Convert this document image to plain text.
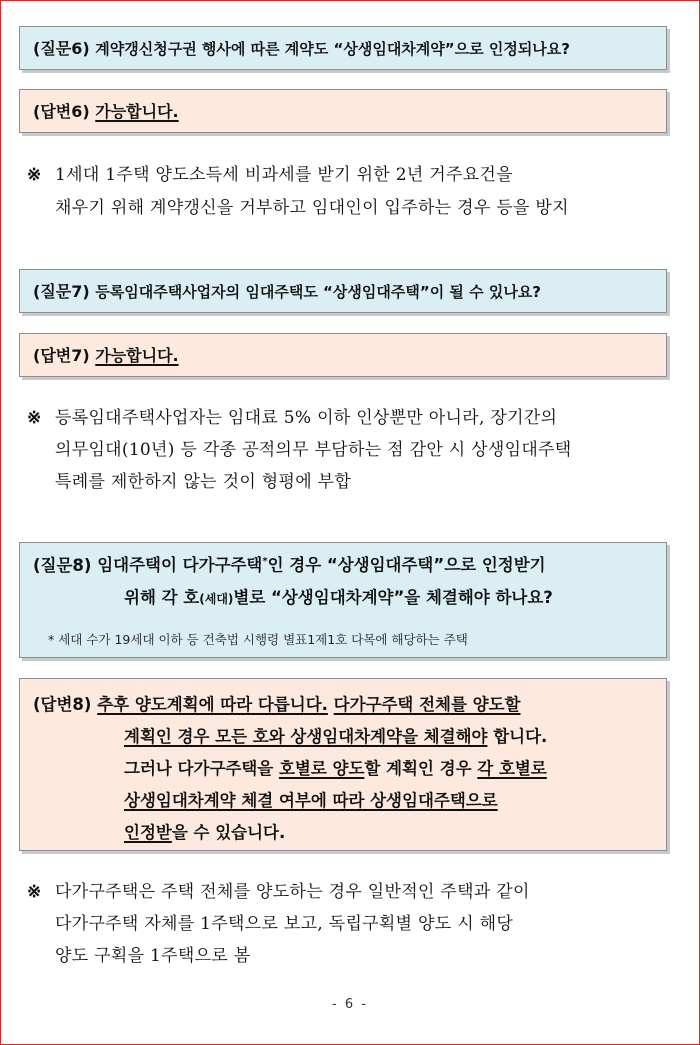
(질문6) 계약갱신청구권 행사에 따른 계약도 “상생임대차계약”으로 인정되나요?
(답변6) 가능합니다.
※ 1세대 1주택 양도소득세 비과세를 받기 위한 2년 거주요건을
채우기 위해 계약갱신을 거부하고 임대인이 입주하는 경우 등을 방지
(질문7) 등록임대주택사업자의 임대주택도 “상생임대주택”이 될 수 있나요?
(답변7) 가능합니다.
※ 등록임대주택사업자는 임대료 5% 이하 인상뿐만 아니라, 장기간의
의무임대(10년) 등 각종 공적의무 부담하는 점 감안 시 상생임대주택
특례를 제한하지 않는 것이 형평에 부합
(질문8) 임대주택이 다가구주택*인 경우 “상생임대주택”으로 인정받기
위해 각 호(세대)별로 “상생임대차계약”을 체결해야 하나요?
* 세대 수가 19세대 이하 등 건축법 시행령 별표1제1호 다목에 해당하는 주택
(답변8) 추후 양도계획에 따라 다릅니다. 다가구주택 전체를 양도할
계획인 경우 모든 호와 상생임대차계약을 체결해야 합니다.
그러나 다가구주택을 호별로 양도할 계획인 경우 각 호별로
상생임대차계약 체결 여부에 따라 상생임대주택으로
인정받을 수 있습니다.
※ 다가구주택은 주택 전체를 양도하는 경우 일반적인 주택과 같이
다가구주택 자체를 1주택으로 보고, 독립구획별 양도 시 해당
양도 구획을 1주택으로 봄
- 6 -
